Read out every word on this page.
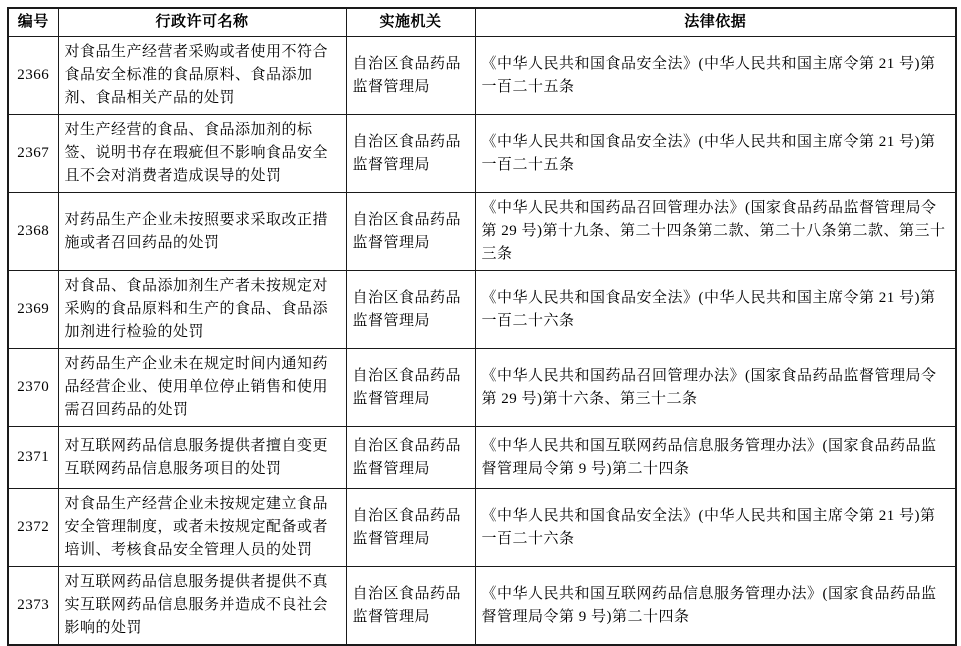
编号	行政许可名称	实施机关	法律依据
2366	对食品生产经营者采购或者使用不符合食品安全标准的食品原料、食品添加剂、食品相关产品的处罚	自治区食品药品监督管理局	《中华人民共和国食品安全法》(中华人民共和国主席令第 21 号)第一百二十五条
2367	对生产经营的食品、食品添加剂的标签、说明书存在瑕疵但不影响食品安全且不会对消费者造成误导的处罚	自治区食品药品监督管理局	《中华人民共和国食品安全法》(中华人民共和国主席令第 21 号)第一百二十五条
2368	对药品生产企业未按照要求采取改正措施或者召回药品的处罚	自治区食品药品监督管理局	《中华人民共和国药品召回管理办法》(国家食品药品监督管理局令第 29 号)第十九条、第二十四条第二款、第二十八条第二款、第三十三条
2369	对食品、食品添加剂生产者未按规定对采购的食品原料和生产的食品、食品添加剂进行检验的处罚	自治区食品药品监督管理局	《中华人民共和国食品安全法》(中华人民共和国主席令第 21 号)第一百二十六条
2370	对药品生产企业未在规定时间内通知药品经营企业、使用单位停止销售和使用需召回药品的处罚	自治区食品药品监督管理局	《中华人民共和国药品召回管理办法》(国家食品药品监督管理局令第 29 号)第十六条、第三十二条
2371	对互联网药品信息服务提供者擅自变更互联网药品信息服务项目的处罚	自治区食品药品监督管理局	《中华人民共和国互联网药品信息服务管理办法》(国家食品药品监督管理局令第 9 号)第二十四条
2372	对食品生产经营企业未按规定建立食品安全管理制度，或者未按规定配备或者培训、考核食品安全管理人员的处罚	自治区食品药品监督管理局	《中华人民共和国食品安全法》(中华人民共和国主席令第 21 号)第一百二十六条
2373	对互联网药品信息服务提供者提供不真实互联网药品信息服务并造成不良社会影响的处罚	自治区食品药品监督管理局	《中华人民共和国互联网药品信息服务管理办法》(国家食品药品监督管理局令第 9 号)第二十四条
